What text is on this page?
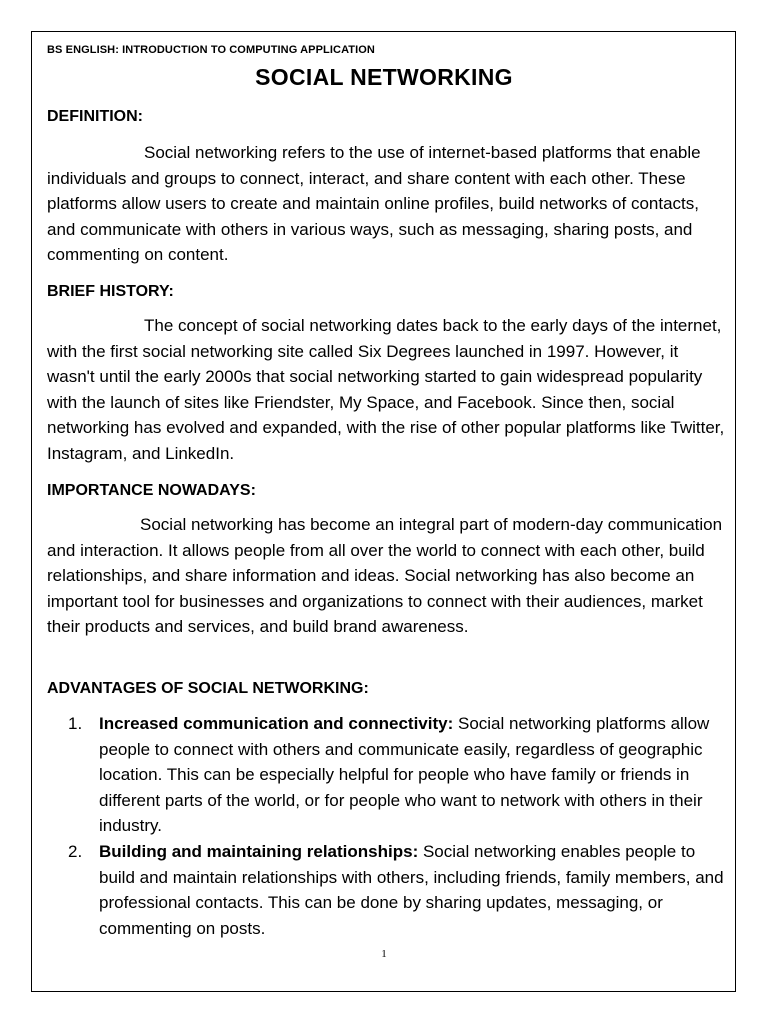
BS ENGLISH: INTRODUCTION TO COMPUTING APPLICATION
SOCIAL NETWORKING
DEFINITION:

Social networking refers to the use of internet-based platforms that enable individuals and groups to connect, interact, and share content with each other. These platforms allow users to create and maintain online profiles, build networks of contacts, and communicate with others in various ways, such as messaging, sharing posts, and commenting on content.

BRIEF HISTORY:

The concept of social networking dates back to the early days of the internet, with the first social networking site called Six Degrees launched in 1997. However, it wasn't until the early 2000s that social networking started to gain widespread popularity with the launch of sites like Friendster, My Space, and Facebook. Since then, social networking has evolved and expanded, with the rise of other popular platforms like Twitter, Instagram, and LinkedIn.

IMPORTANCE NOWADAYS:

Social networking has become an integral part of modern-day communication and interaction. It allows people from all over the world to connect with each other, build relationships, and share information and ideas. Social networking has also become an important tool for businesses and organizations to connect with their audiences, market their products and services, and build brand awareness.

ADVANTAGES OF SOCIAL NETWORKING:
1. Increased communication and connectivity: Social networking platforms allow people to connect with others and communicate easily, regardless of geographic location. This can be especially helpful for people who have family or friends in different parts of the world, or for people who want to network with others in their industry.
2. Building and maintaining relationships: Social networking enables people to build and maintain relationships with others, including friends, family members, and professional contacts. This can be done by sharing updates, messaging, or commenting on posts.
1
